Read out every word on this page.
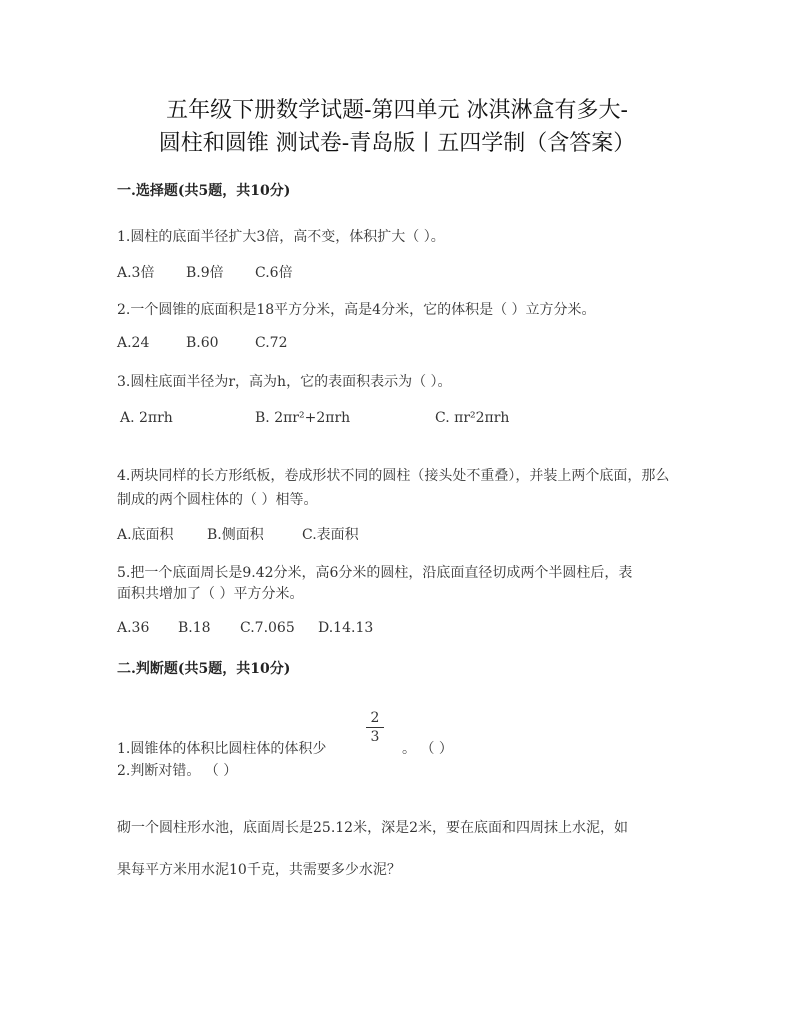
五年级下册数学试题-第四单元 冰淇淋盒有多大-
圆柱和圆锥 测试卷-青岛版丨五四学制（含答案）
一.选择题(共5题，共10分)
1.圆柱的底面半径扩大3倍，高不变，体积扩大（ ）。
A.3倍 B.9倍 C.6倍
2.一个圆锥的底面积是18平方分米，高是4分米，它的体积是（ ）立方分米。
A.24	B.60	C.72
3.圆柱底面半径为r，高为h，它的表面积表示为（ ）。
A. 2πrh	B. 2πr²+2πrh	C. πr²2πrh
4.两块同样的长方形纸板，卷成形状不同的圆柱（接头处不重叠），并装上两个底面，那么制成的两个圆柱体的（ ）相等。
A.底面积 B.侧面积	C.表面积
5.把一个底面周长是9.42分米，高6分米的圆柱，沿底面直径切成两个半圆柱后，表
面积共增加了（ ）平方分米。
A.36 B.18 C.7.065 D.14.13
二.判断题(共5题，共10分)
1.圆锥体的体积比圆柱体的体积少
2
3
。 （ ）
2.判断对错。 （ ）
砌一个圆柱形水池，底面周长是25.12米，深是2米，要在底面和四周抹上水泥，如
果每平方米用水泥10千克，共需要多少水泥？
